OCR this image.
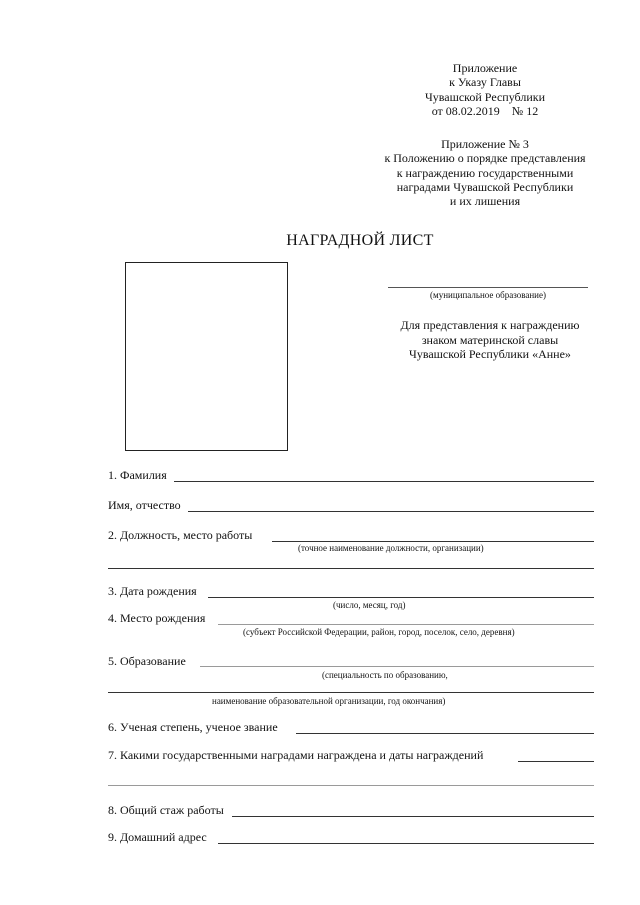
Приложение
к Указу Главы
Чувашской Республики
от 08.02.2019    № 12
Приложение № 3
к Положению о порядке представления
к награждению государственными
наградами Чувашской Республики
и их лишения
НАГРАДНОЙ ЛИСТ
(муниципальное образование)
Для представления к награждению
знаком материнской славы
Чувашской Республики «Анне»
1. Фамилия
Имя, отчество
2. Должность, место работы
(точное наименование должности, организации)
3. Дата рождения
(число, месяц, год)
4. Место рождения
(субъект Российской Федерации, район, город, поселок, село, деревня)
5. Образование
(специальность по образованию,
наименование образовательной организации, год окончания)
6. Ученая степень, ученое звание
7. Какими государственными наградами награждена и даты награждений
8. Общий стаж работы
9. Домашний адрес
